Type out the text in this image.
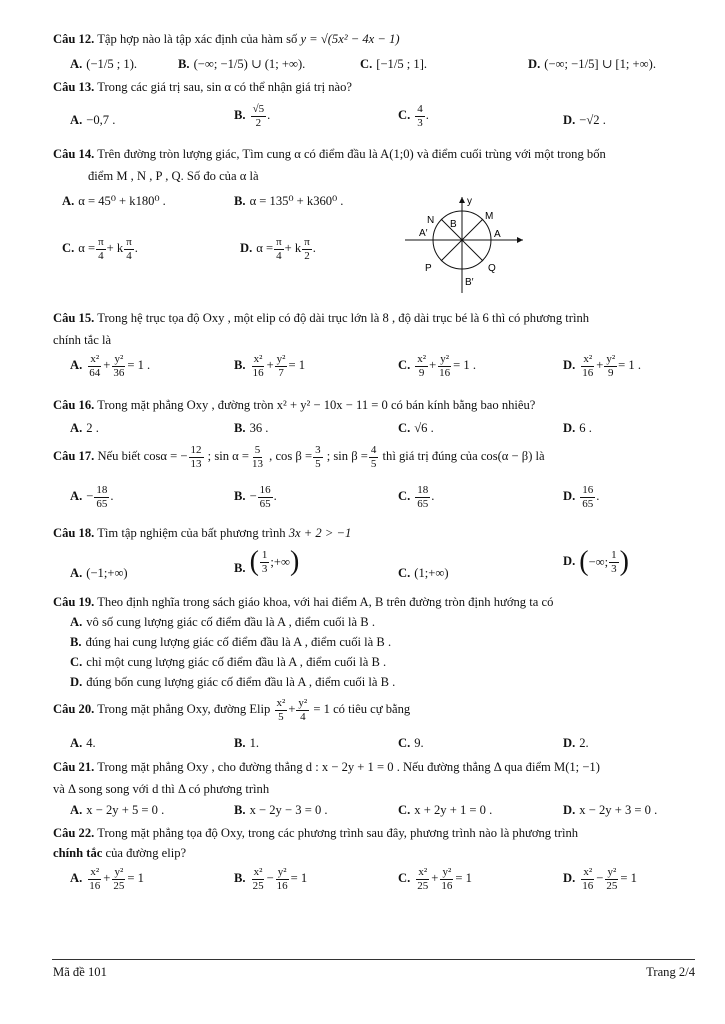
Câu 12. Tập hợp nào là tập xác định của hàm số y = √(5x² − 4x − 1)
A. (−1/5 ; 1).	B. (−∞; −1/5) ∪ (1; +∞).	C. [−1/5 ; 1].	D. (−∞; −1/5] ∪ [1; +∞).
Câu 13. Trong các giá trị sau, sin α có thể nhận giá trị nào?
A. −0,7 .	B. $\frac{√5}{2}$ .	C. $\frac{4}{3}$ .	D. −√2 .
Câu 14. Trên đường tròn lượng giác, Tìm cung α có điểm đầu là A(1;0) và điểm cuối trùng với một trong bốn
điểm M , N , P , Q. Số đo của α là
A. α = 45⁰ + k180⁰ .	B. α = 135⁰ + k360⁰ .
C. $\alpha = \frac{\pi}{4} + k \frac{\pi}{4}$ .	D. $\alpha = \frac{\pi}{4} + k \frac{\pi}{2}$ .
y
N B
M
A′	A
P	Q
B′
Câu 15. Trong hệ trục tọa độ Oxy , một elip có độ dài trục lớn là 8 , độ dài trục bé là 6 thì có phương trình
chính tắc là
A. $\frac{\text{x²}}{64} + \frac{\text{y²}}{36} = 1$ .	B. $\frac{\text{x²}}{16} + \frac{\text{y²}}{7} = 1$	C. $\frac{\text{x²}}{9} + \frac{\text{y²}}{16} = 1$ .	D. $\frac{\text{x²}}{16} + \frac{\text{y²}}{9} = 1$ .
Câu 16. Trong mặt phẳng Oxy , đường tròn x² + y² − 10x − 11 = 0 có bán kính bằng bao nhiêu?
A. 2 .	B. 36 .	C. √6 .	D. 6 .
Câu 17. Nếu biết cosα = − $\frac{12}{13}$ ; $\sin \alpha = \frac{5}{13}$ , $\cos \beta = \frac{3}{5}$ ; $\sin \beta = \frac{4}{5}$ thì giá trị đúng của cos(α − β) là
A. − $\frac{18}{65}$ .	B. − $\frac{16}{65}$ .	C. $\frac{18}{65}$ .	D. $\frac{16}{65}$ .
Câu 18. Tìm tập nghiệm của bất phương trình 3x + 2 > −1
A. (−1;+∞)	B. ( $\frac{1}{3}$ ;+∞)	C. (1;+∞)
D. (−∞; $\frac{1}{3}$ )
Câu 19. Theo định nghĩa trong sách giáo khoa, với hai điểm A, B trên đường tròn định hướng ta có
A. vô số cung lượng giác cố điểm đầu là A , điểm cuối là B .
B. đúng hai cung lượng giác cố điểm đầu là A , điểm cuối là B .
C. chỉ một cung lượng giác cố điểm đầu là A , điểm cuối là B .
D. đúng bốn cung lượng giác cố điểm đầu là A , điểm cuối là B .
Câu 20. Trong mặt phẳng Oxy, đường Elip $\frac{\text{x²}}{5} + \frac{\text{y²}}{4} = 1$ có tiêu cự bằng
A. 4.	B. 1.	C. 9.	D. 2.
Câu 21. Trong mặt phẳng Oxy , cho đường thẳng d : x − 2y + 1 = 0 . Nếu đường thẳng Δ qua điểm M(1; −1)
và Δ song song với d thì Δ có phương trình
A. x − 2y + 5 = 0 .	B. x − 2y − 3 = 0 .	C. x + 2y + 1 = 0 .	D. x − 2y + 3 = 0 .
Câu 22. Trong mặt phẳng tọa độ Oxy, trong các phương trình sau đây, phương trình nào là phương trình
chính tắc của đường elip?
A. $\frac{\text{x²}}{16} + \frac{\text{y²}}{25} = 1$	B. $\frac{\text{x²}}{25} - \frac{\text{y²}}{16} = 1$	C. $\frac{\text{x²}}{25} + \frac{\text{y²}}{16} = 1$	D. $\frac{\text{x²}}{16} - \frac{\text{y²}}{25} = 1$
Mã đề 101	Trang 2/4
